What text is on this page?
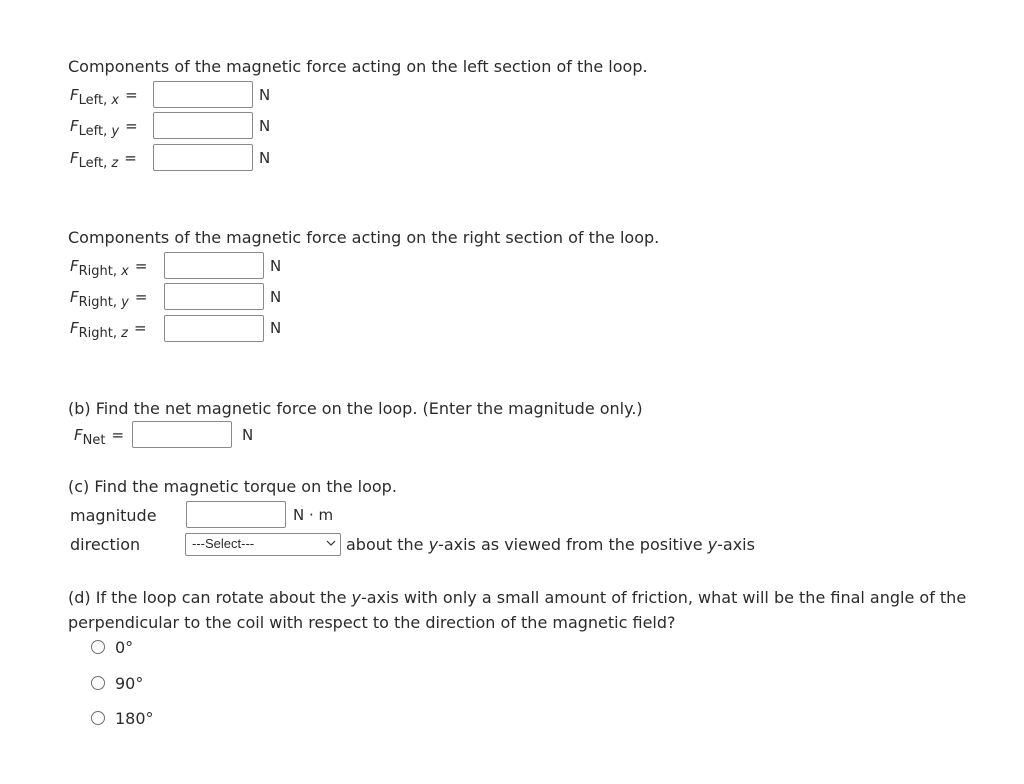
Components of the magnetic force acting on the left section of the loop.
FLeft, x =	N
FLeft, y =	N
FLeft, z =	N
Components of the magnetic force acting on the right section of the loop.
FRight, x =	N
FRight, y =	N
FRight, z =	N
(b) Find the net magnetic force on the loop. (Enter the magnitude only.)
FNet =	N
(c) Find the magnetic torque on the loop.
magnitude	N · m
direction	---Select---	about the y-axis as viewed from the positive y-axis
(d) If the loop can rotate about the y-axis with only a small amount of friction, what will be the final angle of the
perpendicular to the coil with respect to the direction of the magnetic field?
0°
90°
180°
